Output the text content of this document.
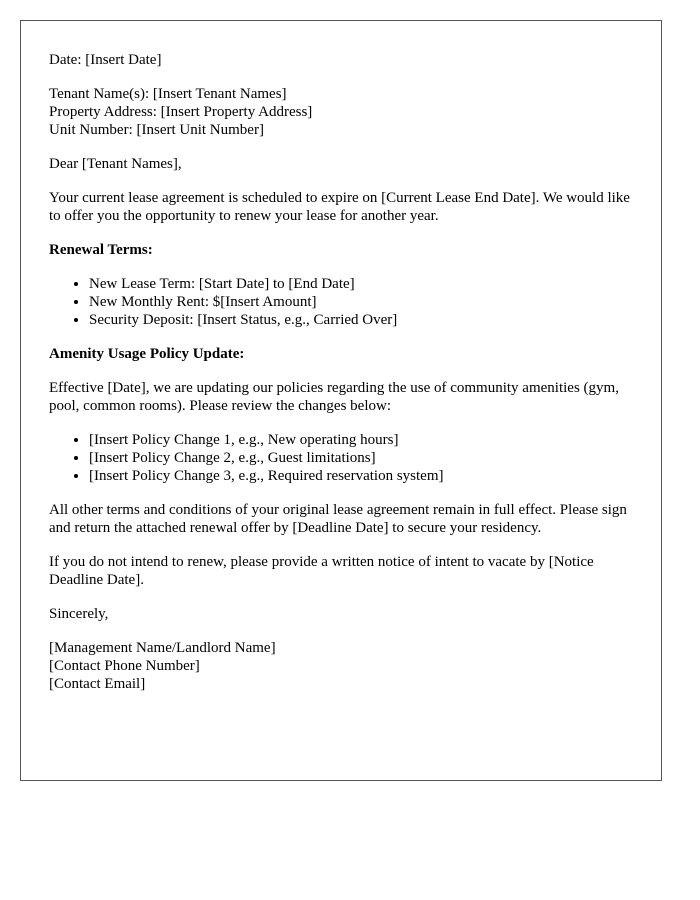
Date: [Insert Date]

Tenant Name(s): [Insert Tenant Names]
Property Address: [Insert Property Address]
Unit Number: [Insert Unit Number]

Dear [Tenant Names],

Your current lease agreement is scheduled to expire on [Current Lease End Date]. We would like to offer you the opportunity to renew your lease for another year.

Renewal Terms:
• New Lease Term: [Start Date] to [End Date]
• New Monthly Rent: $[Insert Amount]
• Security Deposit: [Insert Status, e.g., Carried Over]
Amenity Usage Policy Update:

Effective [Date], we are updating our policies regarding the use of community amenities (gym, pool, common rooms). Please review the changes below:

• [Insert Policy Change 1, e.g., New operating hours]
• [Insert Policy Change 2, e.g., Guest limitations]
• [Insert Policy Change 3, e.g., Required reservation system]

All other terms and conditions of your original lease agreement remain in full effect. Please sign and return the attached renewal offer by [Deadline Date] to secure your residency.

If you do not intend to renew, please provide a written notice of intent to vacate by [Notice Deadline Date].

Sincerely,

[Management Name/Landlord Name]
[Contact Phone Number]
[Contact Email]
